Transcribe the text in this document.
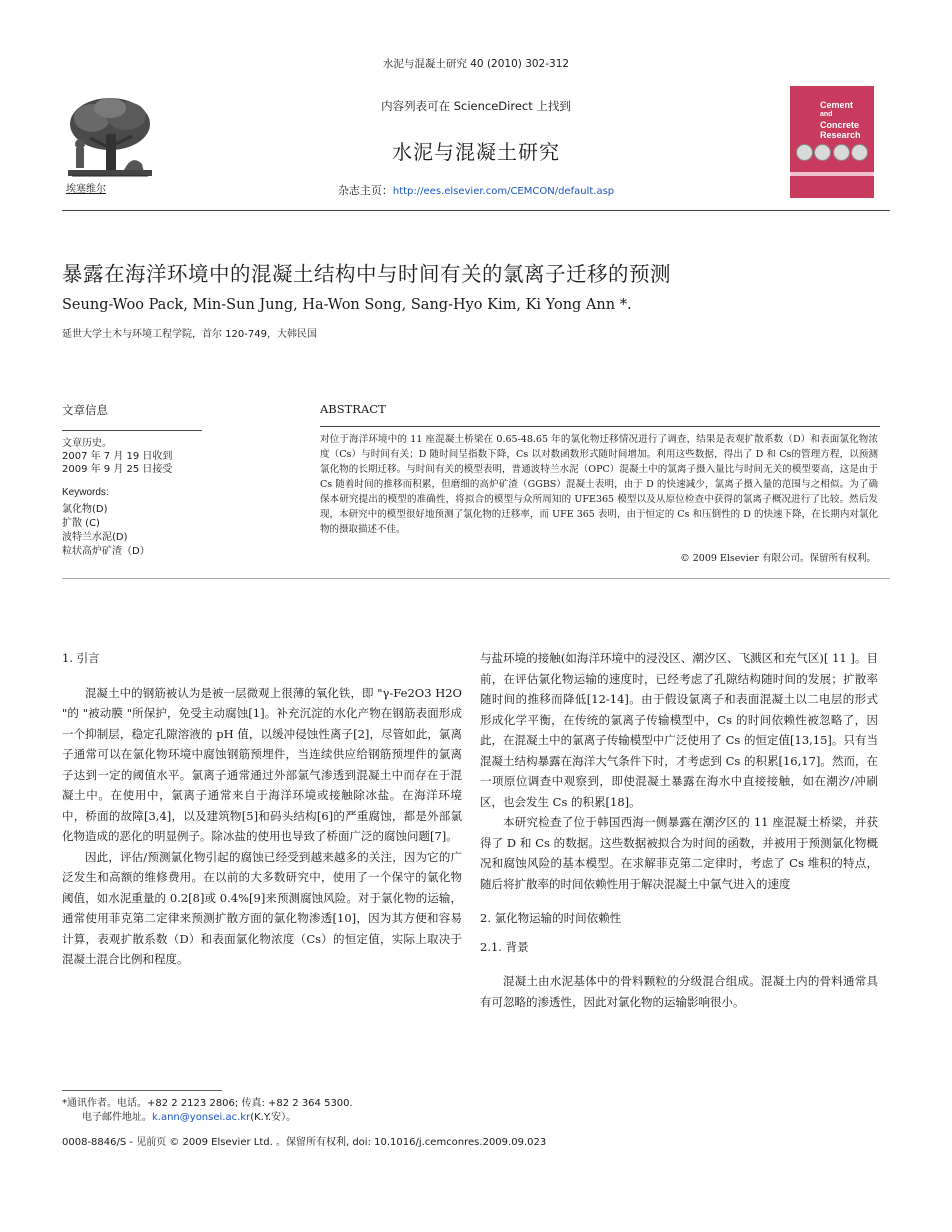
水泥与混凝土研究 40 (2010) 302-312
埃塞维尔
内容列表可在 ScienceDirect 上找到
水泥与混凝土研究
杂志主页：http://ees.elsevier.com/CEMCON/default.asp
Cement
and
Concrete
Research
暴露在海洋环境中的混凝土结构中与时间有关的氯离子迁移的预测
Seung-Woo Pack, Min-Sun Jung, Ha-Won Song, Sang-Hyo Kim, Ki Yong Ann *.
延世大学土木与环境工程学院，首尔 120-749，大韩民国
文章信息
文章历史。
2007 年 7 月 19 日收到
2009 年 9 月 25 日接受
Keywords:
氯化物(D)
扩散 (C)
波特兰水泥(D)
粒状高炉矿渣（D）
ABSTRACT
对位于海洋环境中的 11 座混凝土桥梁在 0.65-48.65 年的氯化物迁移情况进行了调查，结果是表观扩散系数（D）和表面氯化物浓度（Cs）与时间有关；D 随时间呈指数下降，Cs 以对数函数形式随时间增加。利用这些数据，得出了 D 和 Cs的管理方程，以预测氯化物的长期迁移。与时间有关的模型表明，普通波特兰水泥（OPC）混凝土中的氯离子摄入量比与时间无关的模型要高，这是由于 Cs 随着时间的推移而积累，但磨细的高炉矿渣（GGBS）混凝土表明，由于 D 的快速减少，氯离子摄入量的范围与之相似。为了确保本研究提出的模型的准确性，将拟合的模型与众所周知的 UFE365 模型以及从原位检查中获得的氯离子概况进行了比较。然后发现，本研究中的模型很好地预测了氯化物的迁移率，而 UFE 365 表明，由于恒定的 Cs 和压倒性的 D 的快速下降，在长期内对氯化物的摄取描述不佳。
© 2009 Elsevier 有限公司。保留所有权利。

1. 引言

混凝土中的钢筋被认为是被一层微观上很薄的氧化铁，即 "γ-Fe2O3 H2O "的 "被动膜 "所保护，免受主动腐蚀[1]。补充沉淀的水化产物在钢筋表面形成一个抑制层，稳定孔隙溶液的 pH 值，以缓冲侵蚀性离子[2]，尽管如此，氯离子通常可以在氯化物环境中腐蚀钢筋预埋件，当连续供应给钢筋预埋件的氯离子达到一定的阈值水平。氯离子通常通过外部氯气渗透到混凝土中而存在于混凝土中。在使用中，氯离子通常来自于海洋环境或接触除冰盐。在海洋环境中，桥面的故障[3,4]，以及建筑物[5]和码头结构[6]的严重腐蚀，都是外部氯化物造成的恶化的明显例子。除冰盐的使用也导致了桥面广泛的腐蚀问题[7]。

因此，评估/预测氯化物引起的腐蚀已经受到越来越多的关注，因为它的广泛发生和高额的维修费用。在以前的大多数研究中，使用了一个保守的氯化物阈值，如水泥重量的 0.2[8]或 0.4%[9]来预测腐蚀风险。对于氯化物的运输，通常使用菲克第二定律来预测扩散方面的氯化物渗透[10]，因为其方便和容易计算，表观扩散系数（D）和表面氯化物浓度（Cs）的恒定值，实际上取决于混凝土混合比例和程度。

与盐环境的接触(如海洋环境中的浸没区、潮汐区、飞溅区和充气区)[ 11 ]。目前，在评估氯化物运输的速度时，已经考虑了孔隙结构随时间的发展；扩散率随时间的推移而降低[12-14]。由于假设氯离子和表面混凝土以二电层的形式形成化学平衡，在传统的氯离子传输模型中，Cs 的时间依赖性被忽略了，因此，在混凝土中的氯离子传输模型中广泛使用了 Cs 的恒定值[13,15]。只有当混凝土结构暴露在海洋大气条件下时，才考虑到 Cs 的积累[16,17]。然而，在一项原位调查中观察到，即使混凝土暴露在海水中直接接触，如在潮汐/冲刷区，也会发生 Cs 的积累[18]。

本研究检查了位于韩国西海一侧暴露在潮汐区的 11 座混凝土桥梁，并获得了 D 和 Cs 的数据。这些数据被拟合为时间的函数，并被用于预测氯化物概况和腐蚀风险的基本模型。在求解菲克第二定律时，考虑了 Cs 堆积的特点，随后将扩散率的时间依赖性用于解决混凝土中氯气进入的速度

2. 氯化物运输的时间依赖性

2.1. 背景

混凝土由水泥基体中的骨料颗粒的分级混合组成。混凝土内的骨料通常具有可忽略的渗透性，因此对氯化物的运输影响很小。

*通讯作者。电话。+82 2 2123 2806; 传真: +82 2 364 5300.
电子邮件地址。k.ann@yonsei.ac.kr(K.Y.安）。
0008-8846/S - 见前页 © 2009 Elsevier Ltd. 。保留所有权利, doi: 10.1016/j.cemconres.2009.09.023
